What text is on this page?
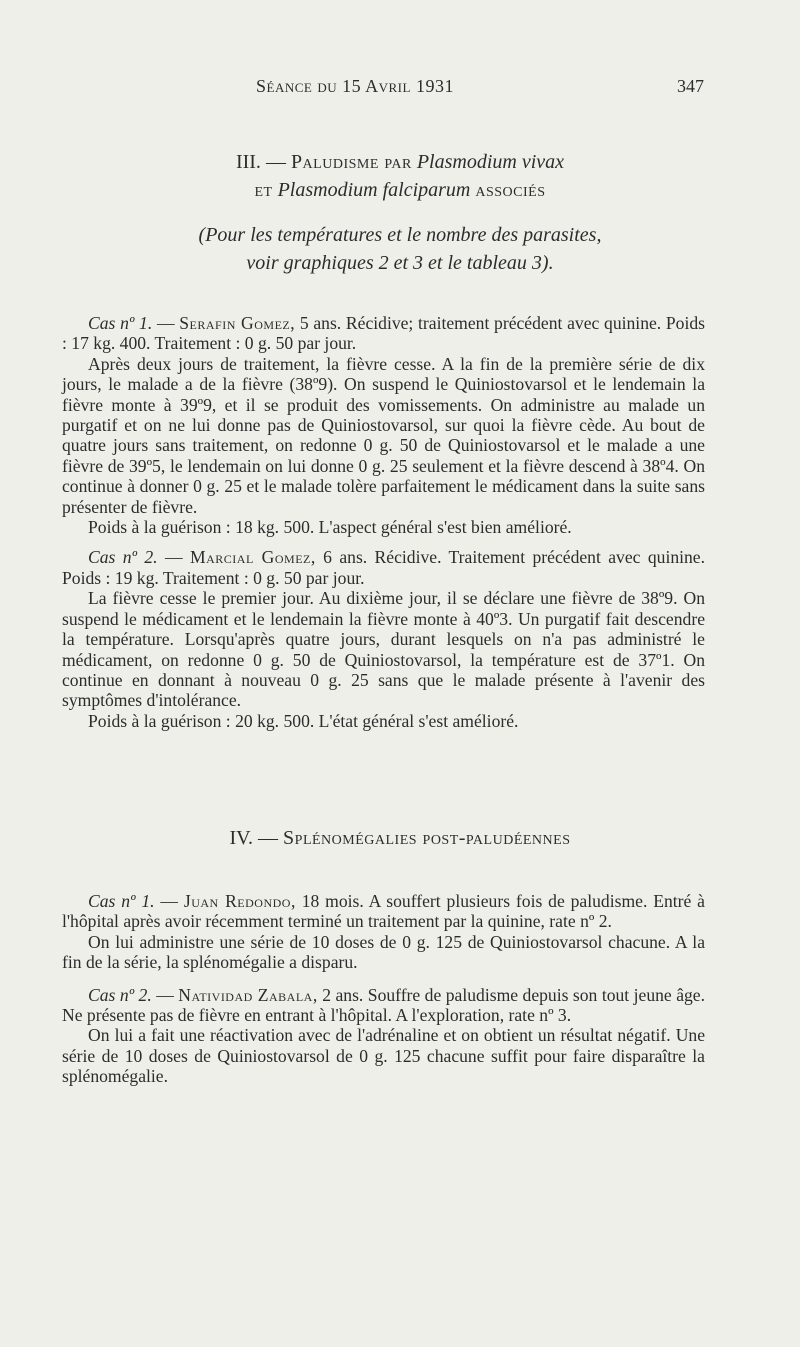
Séance du 15 Avril 1931	347
III. — Paludisme par Plasmodium vivax
et Plasmodium falciparum associés
(Pour les températures et le nombre des parasites,
voir graphiques 2 et 3 et le tableau 3).

Cas nº 1. — Serafin Gomez, 5 ans. Récidive; traitement précédent avec quinine. Poids : 17 kg. 400. Traitement : 0 g. 50 par jour.

Après deux jours de traitement, la fièvre cesse. A la fin de la première série de dix jours, le malade a de la fièvre (38º9). On suspend le Quiniostovarsol et le lendemain la fièvre monte à 39º9, et il se produit des vomissements. On administre au malade un purgatif et on ne lui donne pas de Quiniostovarsol, sur quoi la fièvre cède. Au bout de quatre jours sans traitement, on redonne 0 g. 50 de Quiniostovarsol et le malade a une fièvre de 39º5, le lendemain on lui donne 0 g. 25 seulement et la fièvre descend à 38º4. On continue à donner 0 g. 25 et le malade tolère parfaitement le médicament dans la suite sans présenter de fièvre.

Poids à la guérison : 18 kg. 500. L'aspect général s'est bien amélioré.

Cas nº 2. — Marcial Gomez, 6 ans. Récidive. Traitement précédent avec quinine. Poids : 19 kg. Traitement : 0 g. 50 par jour.

La fièvre cesse le premier jour. Au dixième jour, il se déclare une fièvre de 38º9. On suspend le médicament et le lendemain la fièvre monte à 40º3. Un purgatif fait descendre la température. Lorsqu'après quatre jours, durant lesquels on n'a pas administré le médicament, on redonne 0 g. 50 de Quiniostovarsol, la température est de 37º1. On continue en donnant à nouveau 0 g. 25 sans que le malade présente à l'avenir des symptômes d'intolérance.

Poids à la guérison : 20 kg. 500. L'état général s'est amélioré.

IV. — Splénomégalies post-paludéennes

Cas nº 1. — Juan Redondo, 18 mois. A souffert plusieurs fois de paludisme. Entré à l'hôpital après avoir récemment terminé un traitement par la quinine, rate nº 2.

On lui administre une série de 10 doses de 0 g. 125 de Quiniostovarsol chacune. A la fin de la série, la splénomégalie a disparu.

Cas nº 2. — Natividad Zabala, 2 ans. Souffre de paludisme depuis son tout jeune âge. Ne présente pas de fièvre en entrant à l'hôpital. A l'exploration, rate nº 3.

On lui a fait une réactivation avec de l'adrénaline et on obtient un résultat négatif. Une série de 10 doses de Quiniostovarsol de 0 g. 125 chacune suffit pour faire disparaître la splénomégalie.
